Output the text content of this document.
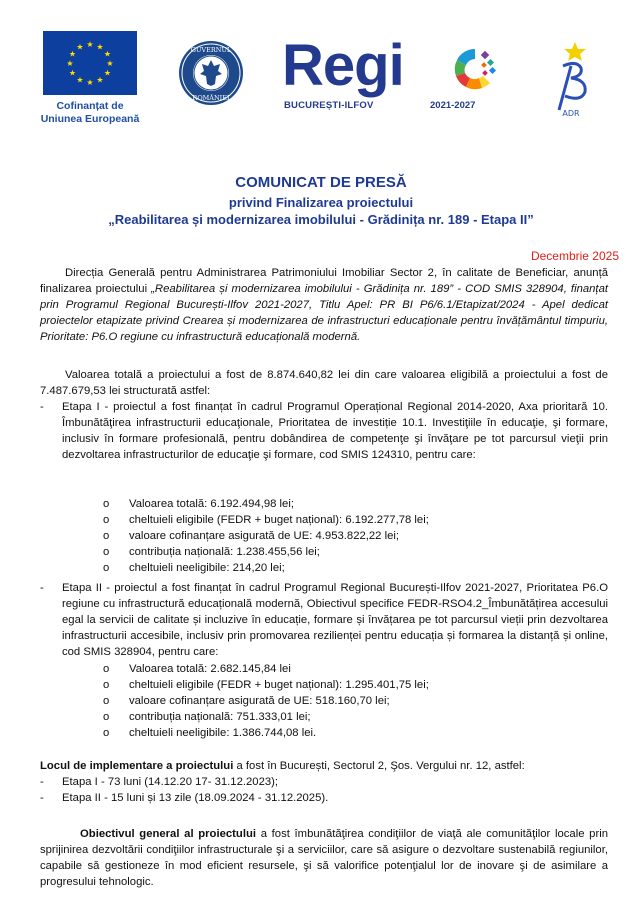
★ ★
★
★
★
★
★
★
★
★
★
★
Cofinanțat de
Uniunea Europeană
GUVERNUL
ROMÂNIEI Regi
BUCUREȘTI-ILFOV	2021-2027
ADR
COMUNICAT DE PRESĂ
privind Finalizarea proiectului
„Reabilitarea și modernizarea imobilului - Grădinița nr. 189 - Etapa II”
Decembrie 2025
Direcția Generală pentru Administrarea Patrimoniului Imobiliar Sector 2, în calitate de Beneficiar, anunță finalizarea proiectului „Reabilitarea și modernizarea imobilului - Grădinița nr. 189” - COD SMIS 328904, finanțat prin Programul Regional București-Ilfov 2021-2027, Titlu Apel: PR BI P6/6.1/Etapizat/2024 - Apel dedicat proiectelor etapizate privind Crearea și modernizarea de infrastructuri educaționale pentru învățământul timpuriu, Prioritate: P6.O regiune cu infrastructură educațională modernă.
Valoarea totală a proiectului a fost de 8.874.640,82 lei din care valoarea eligibilă a proiectului a fost de 7.487.679,53 lei structurată astfel:
- Etapa I - proiectul a fost finanțat în cadrul Programul Operațional Regional 2014-2020, Axa prioritară 10. Îmbunătăţirea infrastructurii educaţionale, Prioritatea de investiție 10.1. Investiţiile în educaţie, şi formare, inclusiv în formare profesională, pentru dobândirea de competenţe şi învăţare pe tot parcursul vieţii prin dezvoltarea infrastructurilor de educaţie şi formare, cod SMIS 124310, pentru care:
o Valoarea totală: 6.192.494,98 lei;
o cheltuieli eligibile (FEDR + buget național): 6.192.277,78 lei;
o valoare cofinanțare asigurată de UE: 4.953.822,22 lei;
o contribuția națională: 1.238.455,56 lei;
o cheltuieli neeligibile: 214,20 lei;
- Etapa II - proiectul a fost finanțat în cadrul Programul Regional București-Ilfov 2021-2027, Prioritatea P6.O regiune cu infrastructură educațională modernă, Obiectivul specifice FEDR-RSO4.2_Îmbunătățirea accesului egal la servicii de calitate și incluzive în educație, formare și învățarea pe tot parcursul vieții prin dezvoltarea infrastructurii accesibile, inclusiv prin promovarea rezilienței pentru educația și formarea la distanță și online, cod SMIS 328904, pentru care:
o Valoarea totală: 2.682.145,84 lei
o cheltuieli eligibile (FEDR + buget național): 1.295.401,75 lei;
o valoare cofinanțare asigurată de UE: 518.160,70 lei;
o contribuția națională: 751.333,01 lei;
o cheltuieli neeligibile: 1.386.744,08 lei.
Locul de implementare a proiectului a fost în București, Sectorul 2, Şos. Vergului nr. 12, astfel:
- Etapa I - 73 luni (14.12.20 17- 31.12.2023);
- Etapa II - 15 luni și 13 zile (18.09.2024 - 31.12.2025).
Obiectivul general al proiectului a fost îmbunătăţirea condiţiilor de viaţă ale comunităţilor locale prin sprijinirea dezvoltării condiţiilor infrastructurale şi a serviciilor, care să asigure o dezvoltare sustenabilă regiunilor, capabile să gestioneze în mod eficient resursele, şi să valorifice potenţialul lor de inovare şi de asimilare a progresului tehnologic.
